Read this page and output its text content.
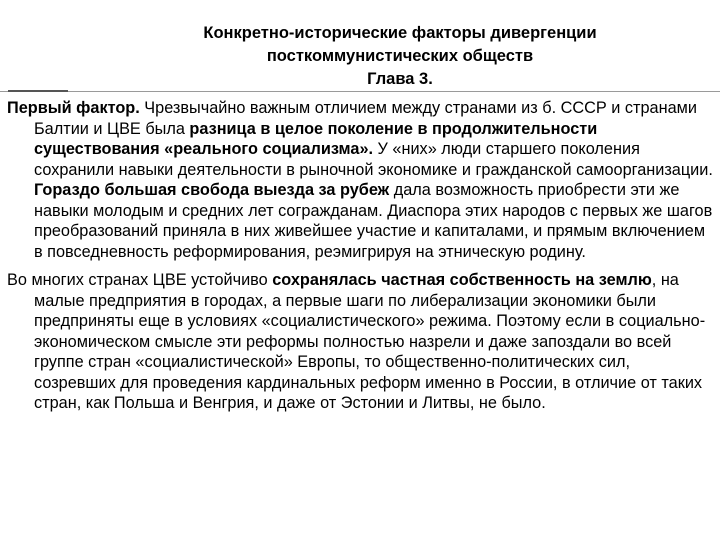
Конкретно-исторические факторы дивергенции
посткоммунистических обществ
Глава 3.

Первый фактор. Чрезвычайно важным отличием между странами из б. СССР и странами Балтии и ЦВЕ была разница в целое поколение в продолжительности существования «реального социализма». У «них» люди старшего поколения сохранили навыки деятельности в рыночной экономике и гражданской самоорганизации. Гораздо большая свобода выезда за рубеж дала возможность приобрести эти же навыки молодым и средних лет согражданам. Диаспора этих народов с первых же шагов преобразований приняла в них живейшее участие и капиталами, и прямым включением в повседневность реформирования, реэмигрируя на этническую родину.

Во многих странах ЦВЕ устойчиво сохранялась частная собственность на землю, на малые предприятия в городах, а первые шаги по либерализации экономики были предприняты еще в условиях «социалистического» режима. Поэтому если в социально-экономическом смысле эти реформы полностью назрели и даже запоздали во всей группе стран «социалистической» Европы, то общественно-политических сил, созревших для проведения кардинальных реформ именно в России, в отличие от таких стран, как Польша и Венгрия, и даже от Эстонии и Литвы, не было.
